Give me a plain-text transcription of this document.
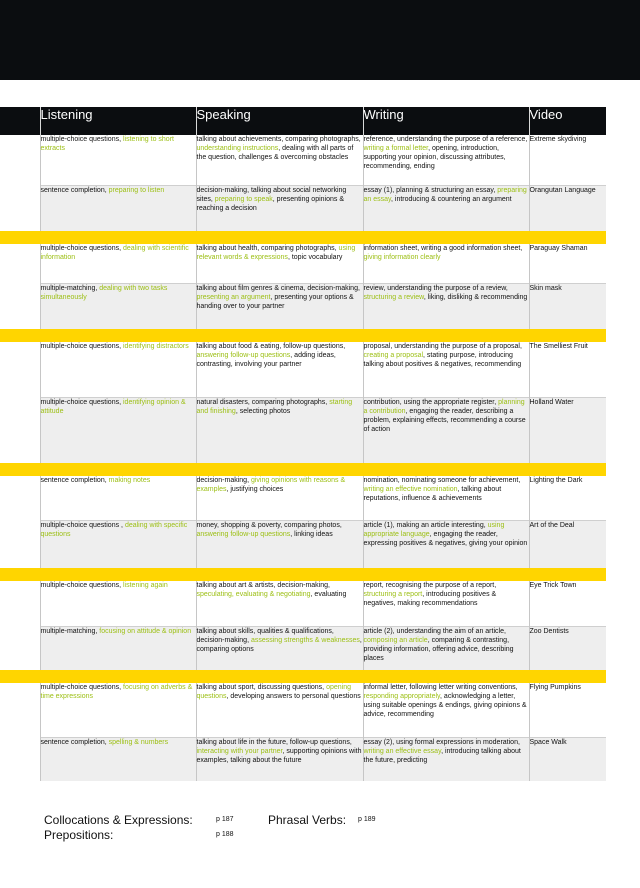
	Listening	Speaking	Writing	Video
	multiple-choice questions, listening to short extracts	talking about achievements, comparing photographs, understanding instructions, dealing with all parts of the question, challenges & overcoming obstacles	reference, understanding the purpose of a reference, writing a formal letter, opening, introduction, supporting your opinion, discussing attributes, recommending, ending	Extreme skydiving
	sentence completion, preparing to listen	decision-making, talking about social networking sites, preparing to speak, presenting opinions & reaching a decision	essay (1), planning & structuring an essay, preparing an essay, introducing & countering an argument	Orangutan Language

	multiple-choice questions, dealing with scientific information	talking about health, comparing photographs, using relevant words & expressions, topic vocabulary	information sheet, writing a good information sheet, giving information clearly	Paraguay Shaman
	multiple-matching, dealing with two tasks simultaneously	talking about film genres & cinema, decision-making, presenting an argument, presenting your options & handing over to your partner	review, understanding the purpose of a review, structuring a review, liking, disliking & recommending	Skin mask

	multiple-choice questions, identifying distractors	talking about food & eating, follow-up questions, answering follow-up questions, adding ideas, contrasting, involving your partner	proposal, understanding the purpose of a proposal, creating a proposal, stating purpose, introducing talking about positives & negatives, recommending	The Smelliest Fruit
	multiple-choice questions, identifying opinion & attitude	natural disasters, comparing photographs, starting and finishing, selecting photos	contribution, using the appropriate register, planning a contribution, engaging the reader, describing a problem, explaining effects, recommending a course of action	Holland Water

	sentence completion, making notes	decision-making, giving opinions with reasons & examples, justifying choices	nomination, nominating someone for achievement, writing an effective nomination, talking about reputations, influence & achievements	Lighting the Dark
	multiple-choice questions , dealing with specific questions	money, shopping & poverty, comparing photos, answering follow-up questions, linking ideas	article (1), making an article interesting, using appropriate language, engaging the reader, expressing positives & negatives, giving your opinion	Art of the Deal

	multiple-choice questions, listening again	talking about art & artists, decision-making, speculating, evaluating & negotiating, evaluating	report, recognising the purpose of a report, structuring a report, introducing positives & negatives, making recommendations	Eye Trick Town
	multiple-matching, focusing on attitude & opinion	talking about skills, qualities & qualifications, decision-making, assessing strengths & weaknesses, comparing options	article (2), understanding the aim of an article, composing an article, comparing & contrasting, providing information, offering advice, describing places	Zoo Dentists

	multiple-choice questions, focusing on adverbs & time expressions	talking about sport, discussing questions, opening questions, developing answers to personal questions	informal letter, following letter writing conventions, responding appropriately, acknowledging a letter, using suitable openings & endings, giving opinions & advice, recommending	Flying Pumpkins
	sentence completion, spelling & numbers	talking about life in the future, follow-up questions, interacting with your partner, supporting opinions with examples, talking about the future	essay (2), using formal expressions in moderation, writing an effective essay, introducing talking about the future, predicting	Space Walk
Collocations & Expressions:	p 187	Phrasal Verbs: p 189
Prepositions:	p 188
